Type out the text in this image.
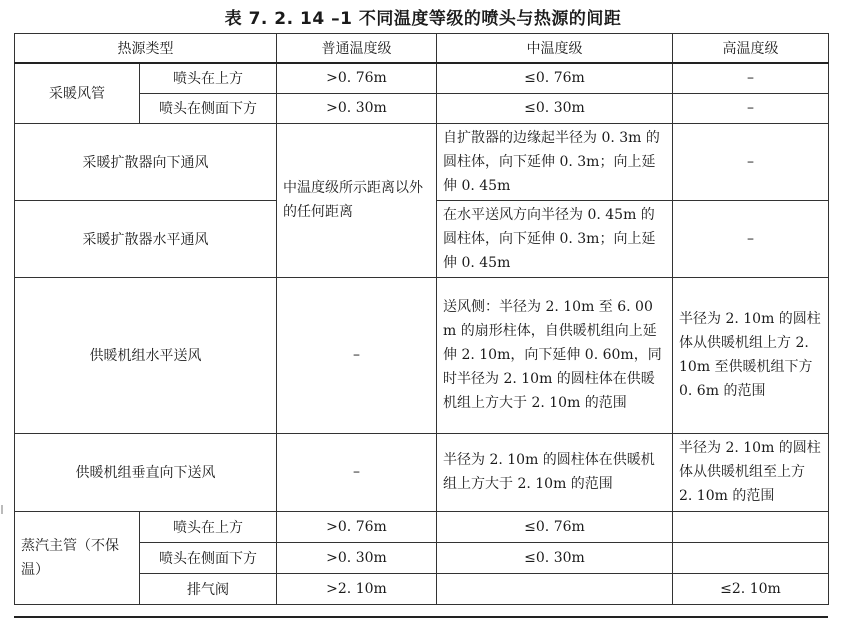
表 7. 2. 14 –1 不同温度等级的喷头与热源的间距
热源类型		普通温度级	中温度级	高温度级
采暖风管	喷头在上方	>0. 76m	≤0. 76m	–
	喷头在侧面下方	>0. 30m	≤0. 30m	–
采暖扩散器向下通风		中温度级所示距离以外的任何距离	自扩散器的边缘起半径为 0. 3m 的圆柱体，向下延伸 0. 3m；向上延伸 0. 45m	–
采暖扩散器水平通风			在水平送风方向半径为 0. 45m 的圆柱体，向下延伸 0. 3m；向上延伸 0. 45m	–
供暖机组水平送风		–	送风侧：半径为 2. 10m 至 6. 00m 的扇形柱体，自供暖机组向上延伸 2. 10m，向下延伸 0. 60m，同时半径为 2. 10m 的圆柱体在供暖机组上方大于 2. 10m 的范围	半径为 2. 10m 的圆柱体从供暖机组上方 2. 10m 至供暖机组下方 0. 6m 的范围
供暖机组垂直向下送风		–	半径为 2. 10m 的圆柱体在供暖机组上方大于 2. 10m 的范围	半径为 2. 10m 的圆柱体从供暖机组至上方 2. 10m 的范围
蒸汽主管（不保温）	喷头在上方	>0. 76m	≤0. 76m	
	喷头在侧面下方	>0. 30m	≤0. 30m	
	排气阀	>2. 10m		≤2. 10m
